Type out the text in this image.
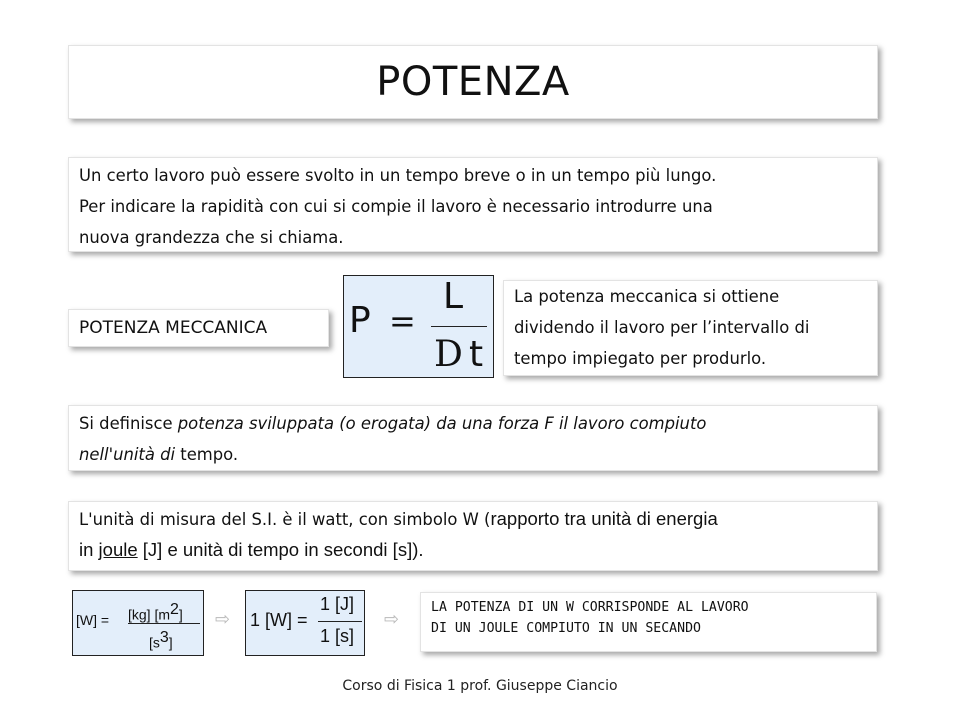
POTENZA
Un certo lavoro può essere svolto in un tempo breve o in un tempo più lungo.
Per indicare la rapidità con cui si compie il lavoro è necessario introdurre una
nuova grandezza che si chiama.
POTENZA MECCANICA P =
L
D t
La potenza meccanica si ottiene
dividendo il lavoro per l’intervallo di
tempo impiegato per produrlo.
Si definisce potenza sviluppata (o erogata) da una forza F il lavoro compiuto
nell'unità di tempo.
L'unità di misura del S.I. è il watt, con simbolo W (rapporto tra unità di energia
in joule [J] e unità di tempo in secondi [s]).
[W] = [kg] $[m^2]$
$[s^3]$
⇨ 1 [W] =
1 [J]
1 [s]
⇨
LA POTENZA DI UN W CORRISPONDE AL LAVORO
DI UN JOULE COMPIUTO IN UN SECANDO
Corso di Fisica 1 prof. Giuseppe Ciancio
